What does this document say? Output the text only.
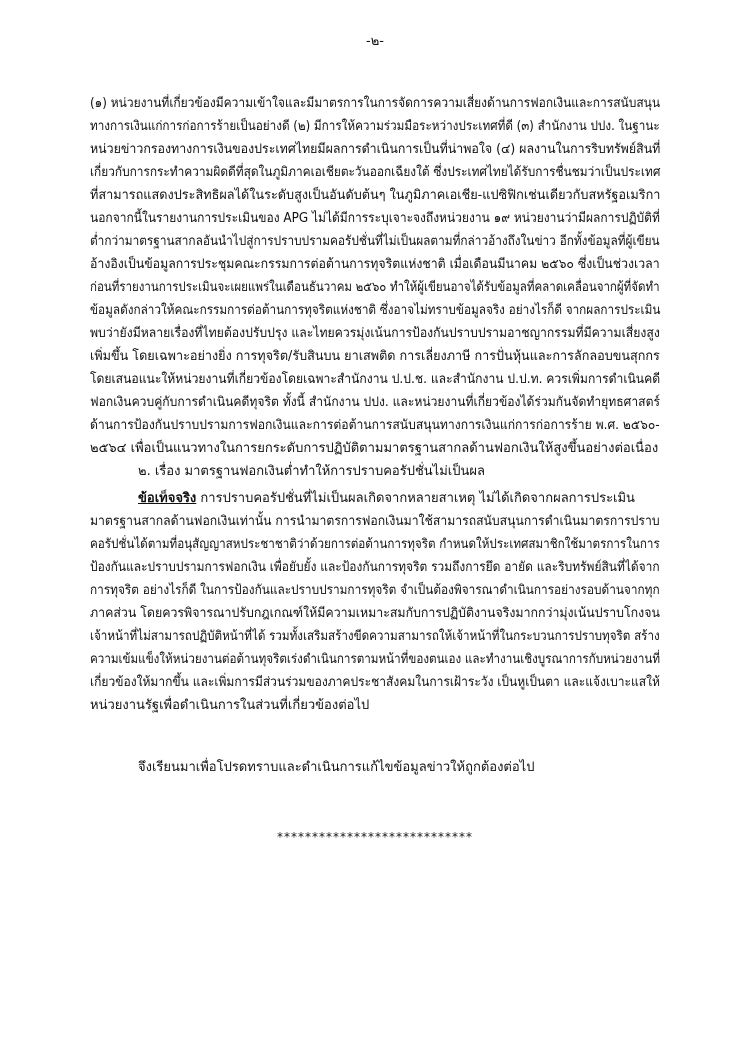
-๒-
(๑) หน่วยงานที่เกี่ยวข้องมีความเข้าใจและมีมาตรการในการจัดการความเสี่ยงด้านการฟอกเงินและการสนับสนุน
ทางการเงินแก่การก่อการร้ายเป็นอย่างดี (๒) มีการให้ความร่วมมือระหว่างประเทศที่ดี (๓) สำนักงาน ปปง. ในฐานะ
หน่วยข่าวกรองทางการเงินของประเทศไทยมีผลการดำเนินการเป็นที่น่าพอใจ (๔) ผลงานในการริบทรัพย์สินที่
เกี่ยวกับการกระทำความผิดดีที่สุดในภูมิภาคเอเชียตะวันออกเฉียงใต้ ซึ่งประเทศไทยได้รับการชื่นชมว่าเป็นประเทศ
ที่สามารถแสดงประสิทธิผลได้ในระดับสูงเป็นอันดับต้นๆ ในภูมิภาคเอเชีย-แปซิฟิกเช่นเดียวกับสหรัฐอเมริกา
นอกจากนี้ในรายงานการประเมินของ APG ไม่ได้มีการระบุเจาะจงถึงหน่วยงาน ๑๙ หน่วยงานว่ามีผลการปฏิบัติที่
ต่ำกว่ามาตรฐานสากลอันนำไปสู่การปราบปรามคอรัปชั่นที่ไม่เป็นผลตามที่กล่าวอ้างถึงในข่าว อีกทั้งข้อมูลที่ผู้เขียน
อ้างอิงเป็นข้อมูลการประชุมคณะกรรมการต่อต้านการทุจริตแห่งชาติ เมื่อเดือนมีนาคม ๒๕๖๐ ซึ่งเป็นช่วงเวลา
ก่อนที่รายงานการประเมินจะเผยแพร่ในเดือนธันวาคม ๒๕๖๐ ทำให้ผู้เขียนอาจได้รับข้อมูลที่คลาดเคลื่อนจากผู้ที่จัดทำ
ข้อมูลดังกล่าวให้คณะกรรมการต่อต้านการทุจริตแห่งชาติ ซึ่งอาจไม่ทราบข้อมูลจริง อย่างไรก็ดี จากผลการประเมิน
พบว่ายังมีหลายเรื่องที่ไทยต้องปรับปรุง และไทยควรมุ่งเน้นการป้องกันปราบปรามอาชญากรรมที่มีความเสี่ยงสูง
เพิ่มขึ้น โดยเฉพาะอย่างยิ่ง การทุจริต/รับสินบน ยาเสพติด การเลี่ยงภาษี การปั่นหุ้นและการลักลอบขนสุกกร
โดยเสนอแนะให้หน่วยงานที่เกี่ยวข้องโดยเฉพาะสำนักงาน ป.ป.ช. และสำนักงาน ป.ป.ท. ควรเพิ่มการดำเนินคดี
ฟอกเงินควบคู่กับการดำเนินคดีทุจริต ทั้งนี้ สำนักงาน ปปง. และหน่วยงานที่เกี่ยวข้องได้ร่วมกันจัดทำยุทธศาสตร์
ด้านการป้องกันปราบปรามการฟอกเงินและการต่อต้านการสนับสนุนทางการเงินแก่การก่อการร้าย พ.ศ. ๒๕๖๐-
๒๕๖๔ เพื่อเป็นแนวทางในการยกระดับการปฏิบัติตามมาตรฐานสากลด้านฟอกเงินให้สูงขึ้นอย่างต่อเนื่อง
๒. เรื่อง มาตรฐานฟอกเงินต่ำทำให้การปราบคอรัปชั่นไม่เป็นผล
ข้อเท็จจริง การปราบคอรัปชั่นที่ไม่เป็นผลเกิดจากหลายสาเหตุ ไม่ได้เกิดจากผลการประเมิน
มาตรฐานสากลด้านฟอกเงินเท่านั้น การนำมาตรการฟอกเงินมาใช้สามารถสนับสนุนการดำเนินมาตรการปราบ
คอรัปชั่นได้ตามที่อนุสัญญาสหประชาชาติว่าด้วยการต่อต้านการทุจริต กำหนดให้ประเทศสมาชิกใช้มาตรการในการ
ป้องกันและปราบปรามการฟอกเงิน เพื่อยับยั้ง และป้องกันการทุจริต รวมถึงการยึด อายัด และริบทรัพย์สินที่ได้จาก
การทุจริต อย่างไรก็ดี ในการป้องกันและปราบปรามการทุจริต จำเป็นต้องพิจารณาดำเนินการอย่างรอบด้านจากทุก
ภาคส่วน โดยควรพิจารณาปรับกฎเกณฑ์ให้มีความเหมาะสมกับการปฏิบัติงานจริงมากกว่ามุ่งเน้นปราบโกงจน
เจ้าหน้าที่ไม่สามารถปฏิบัติหน้าที่ได้ รวมทั้งเสริมสร้างขีดความสามารถให้เจ้าหน้าที่ในกระบวนการปราบทุจริต สร้าง
ความเข้มแข็งให้หน่วยงานต่อต้านทุจริตเร่งดำเนินการตามหน้าที่ของตนเอง และทำงานเชิงบูรณาการกับหน่วยงานที่
เกี่ยวข้องให้มากขึ้น และเพิ่มการมีส่วนร่วมของภาคประชาสังคมในการเฝ้าระวัง เป็นหูเป็นตา และแจ้งเบาะแสให้
หน่วยงานรัฐเพื่อดำเนินการในส่วนที่เกี่ยวข้องต่อไป
จึงเรียนมาเพื่อโปรดทราบและดำเนินการแก้ไขข้อมูลข่าวให้ถูกต้องต่อไป
****************************
